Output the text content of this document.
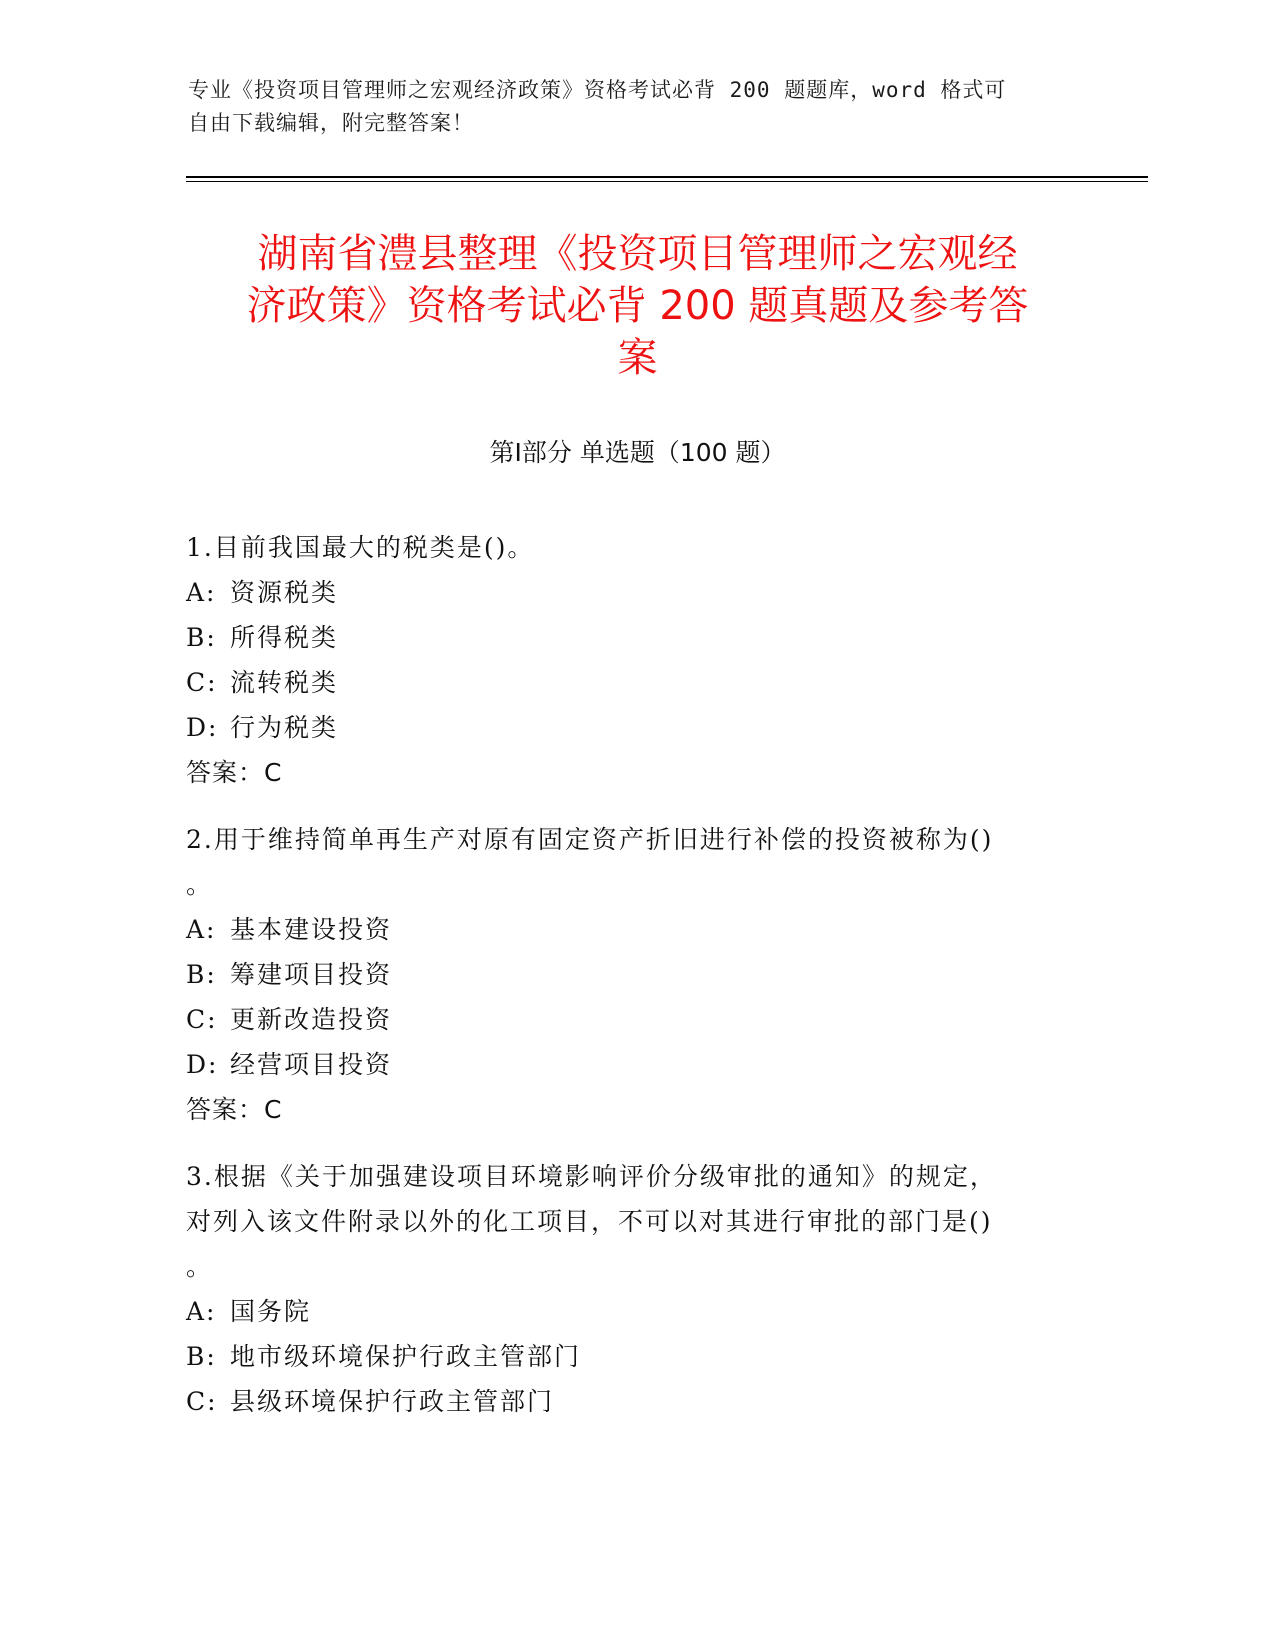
专业《投资项目管理师之宏观经济政策》资格考试必背 200 题题库，word 格式可
自由下载编辑，附完整答案！
湖南省澧县整理《投资项目管理师之宏观经
济政策》资格考试必背 200 题真题及参考答
案
第Ⅰ部分 单选题（100 题）

1.目前我国最大的税类是()。

A: 资源税类

B: 所得税类

C: 流转税类

D: 行为税类

答案：C

2.用于维持简单再生产对原有固定资产折旧进行补偿的投资被称为()

。

A: 基本建设投资

B: 筹建项目投资

C: 更新改造投资

D: 经营项目投资

答案：C

3.根据《关于加强建设项目环境影响评价分级审批的通知》的规定，

对列入该文件附录以外的化工项目，不可以对其进行审批的部门是()

。

A: 国务院

B: 地市级环境保护行政主管部门

C: 县级环境保护行政主管部门
